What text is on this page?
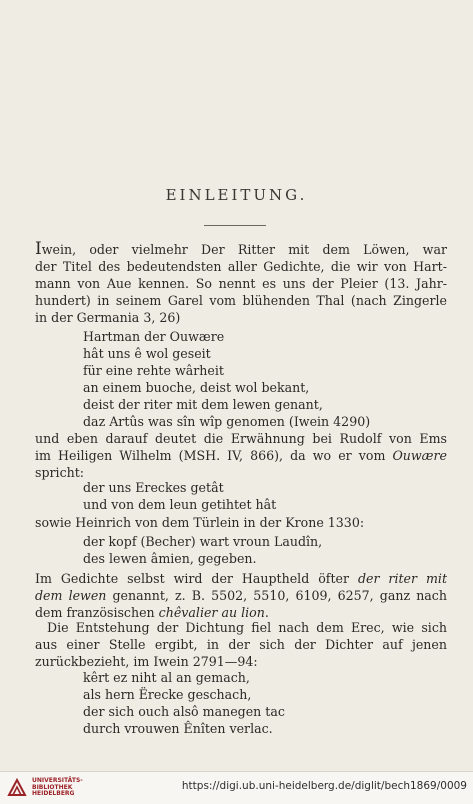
EINLEITUNG.
Iwein, oder vielmehr Der Ritter mit dem Löwen, war
der Titel des bedeutendsten aller Gedichte, die wir von Hart-
mann von Aue kennen. So nennt es uns der Pleier (13. Jahr-
hundert) in seinem Garel vom blühenden Thal (nach Zingerle
in der Germania 3, 26)
Hartman der Ouwære
hât uns ê wol geseit
für eine rehte wârheit
an einem buoche, deist wol bekant,
deist der riter mit dem lewen genant,
daz Artûs was sîn wîp genomen (Iwein 4290)
und eben darauf deutet die Erwähnung bei Rudolf von Ems
im Heiligen Wilhelm (MSH. IV, 866), da wo er vom Ouwære
spricht:
der uns Ereckes getât
und von dem leun getihtet hât
sowie Heinrich von dem Türlein in der Krone 1330:
der kopf (Becher) wart vroun Laudîn,
des lewen âmien, gegeben.
Im Gedichte selbst wird der Hauptheld öfter der riter mit
dem lewen genannt, z. B. 5502, 5510, 6109, 6257, ganz nach
dem französischen chêvalier au lion.
Die Entstehung der Dichtung fiel nach dem Erec, wie sich
aus einer Stelle ergibt, in der sich der Dichter auf jenen
zurückbezieht, im Iwein 2791—94:
kêrt ez niht al an gemach,
als hern Ërecke geschach,
der sich ouch alsô manegen tac
durch vrouwen Ênîten verlac.
UNIVERSITÄTS-
BIBLIOTHEK
HEIDELBERG
https://digi.ub.uni-heidelberg.de/diglit/bech1869/0009
